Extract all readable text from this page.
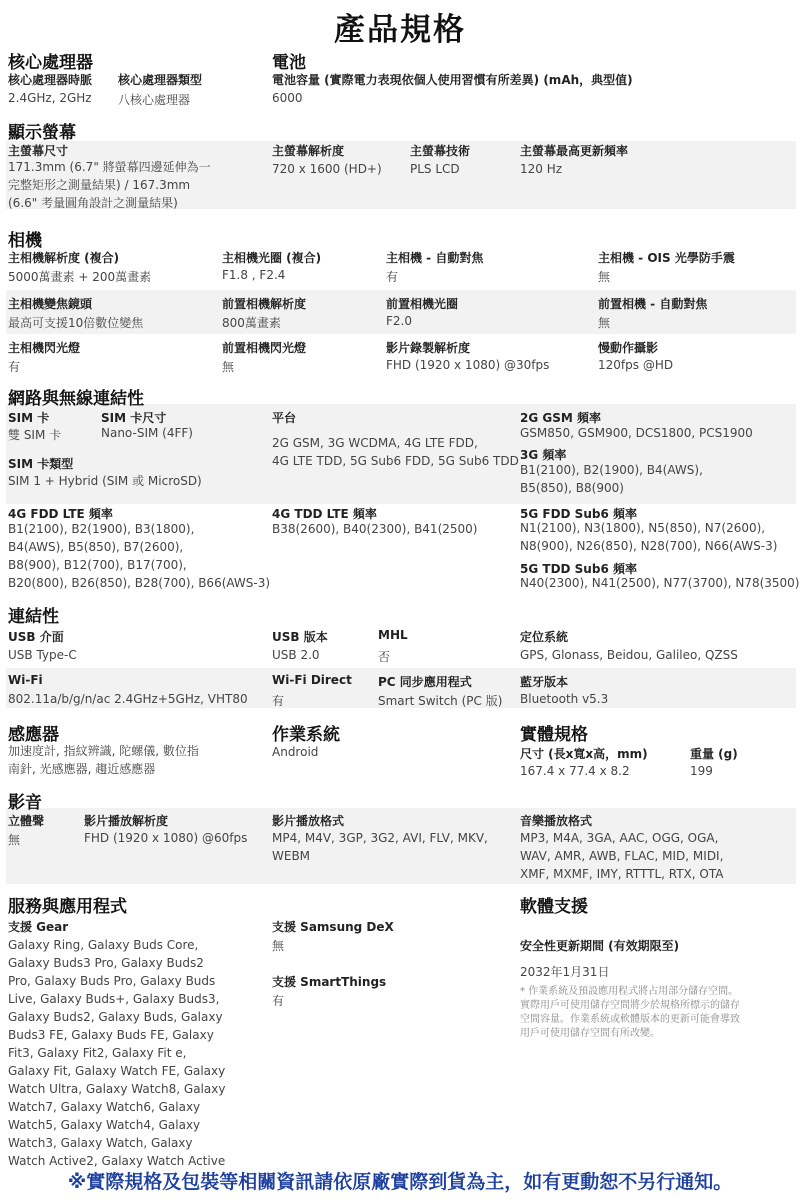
產品規格
核心處理器
核心處理器時脈
2.4GHz, 2GHz
核心處理器類型
八核心處理器
電池
電池容量 (實際電力表現依個人使用習慣有所差異) (mAh，典型值)
6000
顯示螢幕
主螢幕尺寸
171.3mm (6.7" 將螢幕四邊延伸為一
完整矩形之測量結果) / 167.3mm
(6.6" 考量圓角設計之測量結果)
主螢幕解析度
720 x 1600 (HD+)
主螢幕技術
PLS LCD
主螢幕最高更新頻率
120 Hz
相機
主相機解析度 (複合)
5000萬畫素 + 200萬畫素
主相機光圈 (複合)
F1.8 , F2.4
主相機 - 自動對焦
有
主相機 - OIS 光學防手震
無
主相機變焦鏡頭
最高可支援10倍數位變焦
前置相機解析度
800萬畫素
前置相機光圈
F2.0
前置相機 - 自動對焦
無
主相機閃光燈
有
前置相機閃光燈
無
影片錄製解析度
FHD (1920 x 1080) @30fps
慢動作攝影
120fps @HD
網路與無線連結性
SIM 卡
雙 SIM 卡
SIM 卡尺寸
Nano-SIM (4FF)
SIM 卡類型
SIM 1 + Hybrid (SIM 或 MicroSD)
平台
2G GSM, 3G WCDMA, 4G LTE FDD,
4G LTE TDD, 5G Sub6 FDD, 5G Sub6 TDD
2G GSM 頻率
GSM850, GSM900, DCS1800, PCS1900
3G 頻率
B1(2100), B2(1900), B4(AWS),
B5(850), B8(900)
4G FDD LTE 頻率
B1(2100), B2(1900), B3(1800),
B4(AWS), B5(850), B7(2600),
B8(900), B12(700), B17(700),
B20(800), B26(850), B28(700), B66(AWS-3)
4G TDD LTE 頻率
B38(2600), B40(2300), B41(2500)
5G FDD Sub6 頻率
N1(2100), N3(1800), N5(850), N7(2600),
N8(900), N26(850), N28(700), N66(AWS-3)
5G TDD Sub6 頻率
N40(2300), N41(2500), N77(3700), N78(3500)
連結性
USB 介面
USB Type-C
USB 版本
USB 2.0
MHL
否
定位系統
GPS, Glonass, Beidou, Galileo, QZSS
Wi-Fi
802.11a/b/g/n/ac 2.4GHz+5GHz, VHT80
Wi-Fi Direct
有
PC 同步應用程式
Smart Switch (PC 版)
藍牙版本
Bluetooth v5.3
感應器
加速度計, 指紋辨識, 陀螺儀, 數位指
南針, 光感應器, 趨近感應器
作業系統
Android
實體規格
尺寸 (長x寬x高，mm)
167.4 x 77.4 x 8.2
重量 (g)
199
影音
立體聲
無
影片播放解析度
FHD (1920 x 1080) @60fps
影片播放格式
MP4, M4V, 3GP, 3G2, AVI, FLV, MKV,
WEBM
音樂播放格式
MP3, M4A, 3GA, AAC, OGG, OGA,
WAV, AMR, AWB, FLAC, MID, MIDI,
XMF, MXMF, IMY, RTTTL, RTX, OTA
服務與應用程式
支援 Gear
Galaxy Ring, Galaxy Buds Core,
Galaxy Buds3 Pro, Galaxy Buds2
Pro, Galaxy Buds Pro, Galaxy Buds
Live, Galaxy Buds+, Galaxy Buds3,
Galaxy Buds2, Galaxy Buds, Galaxy
Buds3 FE, Galaxy Buds FE, Galaxy
Fit3, Galaxy Fit2, Galaxy Fit e,
Galaxy Fit, Galaxy Watch FE, Galaxy
Watch Ultra, Galaxy Watch8, Galaxy
Watch7, Galaxy Watch6, Galaxy
Watch5, Galaxy Watch4, Galaxy
Watch3, Galaxy Watch, Galaxy
Watch Active2, Galaxy Watch Active
支援 Samsung DeX
無
支援 SmartThings
有
軟體支援
安全性更新期間 (有效期限至)
2032年1月31日
* 作業系統及預設應用程式將占用部分儲存空間。
實際用戶可使用儲存空間將少於規格所標示的儲存
空間容量。作業系統或軟體版本的更新可能會導致
用戶可使用儲存空間有所改變。
※實際規格及包裝等相關資訊請依原廠實際到貨為主，如有更動恕不另行通知。
